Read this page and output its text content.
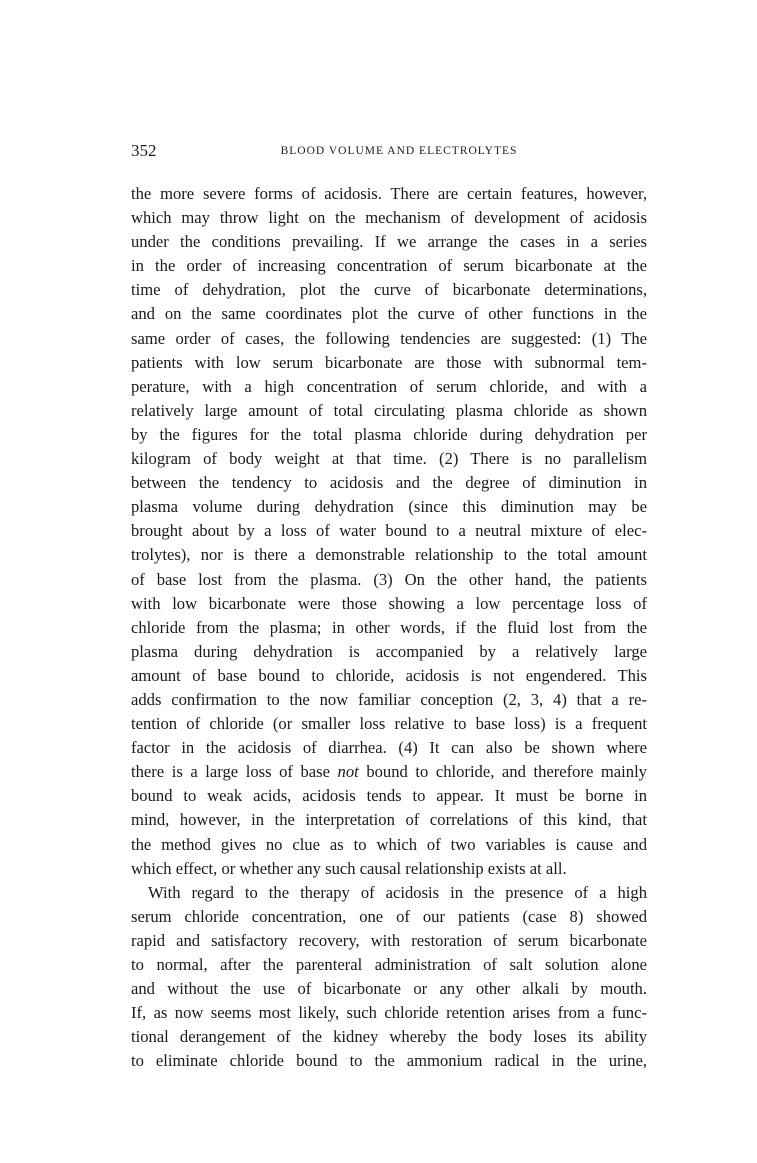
352	BLOOD VOLUME AND ELECTROLYTES

the more severe forms of acidosis. There are certain features, however,
which may throw light on the mechanism of development of acidosis
under the conditions prevailing. If we arrange the cases in a series
in the order of increasing concentration of serum bicarbonate at the
time of dehydration, plot the curve of bicarbonate determinations,
and on the same coordinates plot the curve of other functions in the
same order of cases, the following tendencies are suggested: (1) The
patients with low serum bicarbonate are those with subnormal tem-
perature, with a high concentration of serum chloride, and with a
relatively large amount of total circulating plasma chloride as shown
by the figures for the total plasma chloride during dehydration per
kilogram of body weight at that time. (2) There is no parallelism
between the tendency to acidosis and the degree of diminution in
plasma volume during dehydration (since this diminution may be
brought about by a loss of water bound to a neutral mixture of elec-
trolytes), nor is there a demonstrable relationship to the total amount
of base lost from the plasma. (3) On the other hand, the patients
with low bicarbonate were those showing a low percentage loss of
chloride from the plasma; in other words, if the fluid lost from the
plasma during dehydration is accompanied by a relatively large
amount of base bound to chloride, acidosis is not engendered. This
adds confirmation to the now familiar conception (2, 3, 4) that a re-
tention of chloride (or smaller loss relative to base loss) is a frequent
factor in the acidosis of diarrhea. (4) It can also be shown where
there is a large loss of base not bound to chloride, and therefore mainly
bound to weak acids, acidosis tends to appear. It must be borne in
mind, however, in the interpretation of correlations of this kind, that
the method gives no clue as to which of two variables is cause and
which effect, or whether any such causal relationship exists at all.

With regard to the therapy of acidosis in the presence of a high
serum chloride concentration, one of our patients (case 8) showed
rapid and satisfactory recovery, with restoration of serum bicarbonate
to normal, after the parenteral administration of salt solution alone
and without the use of bicarbonate or any other alkali by mouth.
If, as now seems most likely, such chloride retention arises from a func-
tional derangement of the kidney whereby the body loses its ability
to eliminate chloride bound to the ammonium radical in the urine,
